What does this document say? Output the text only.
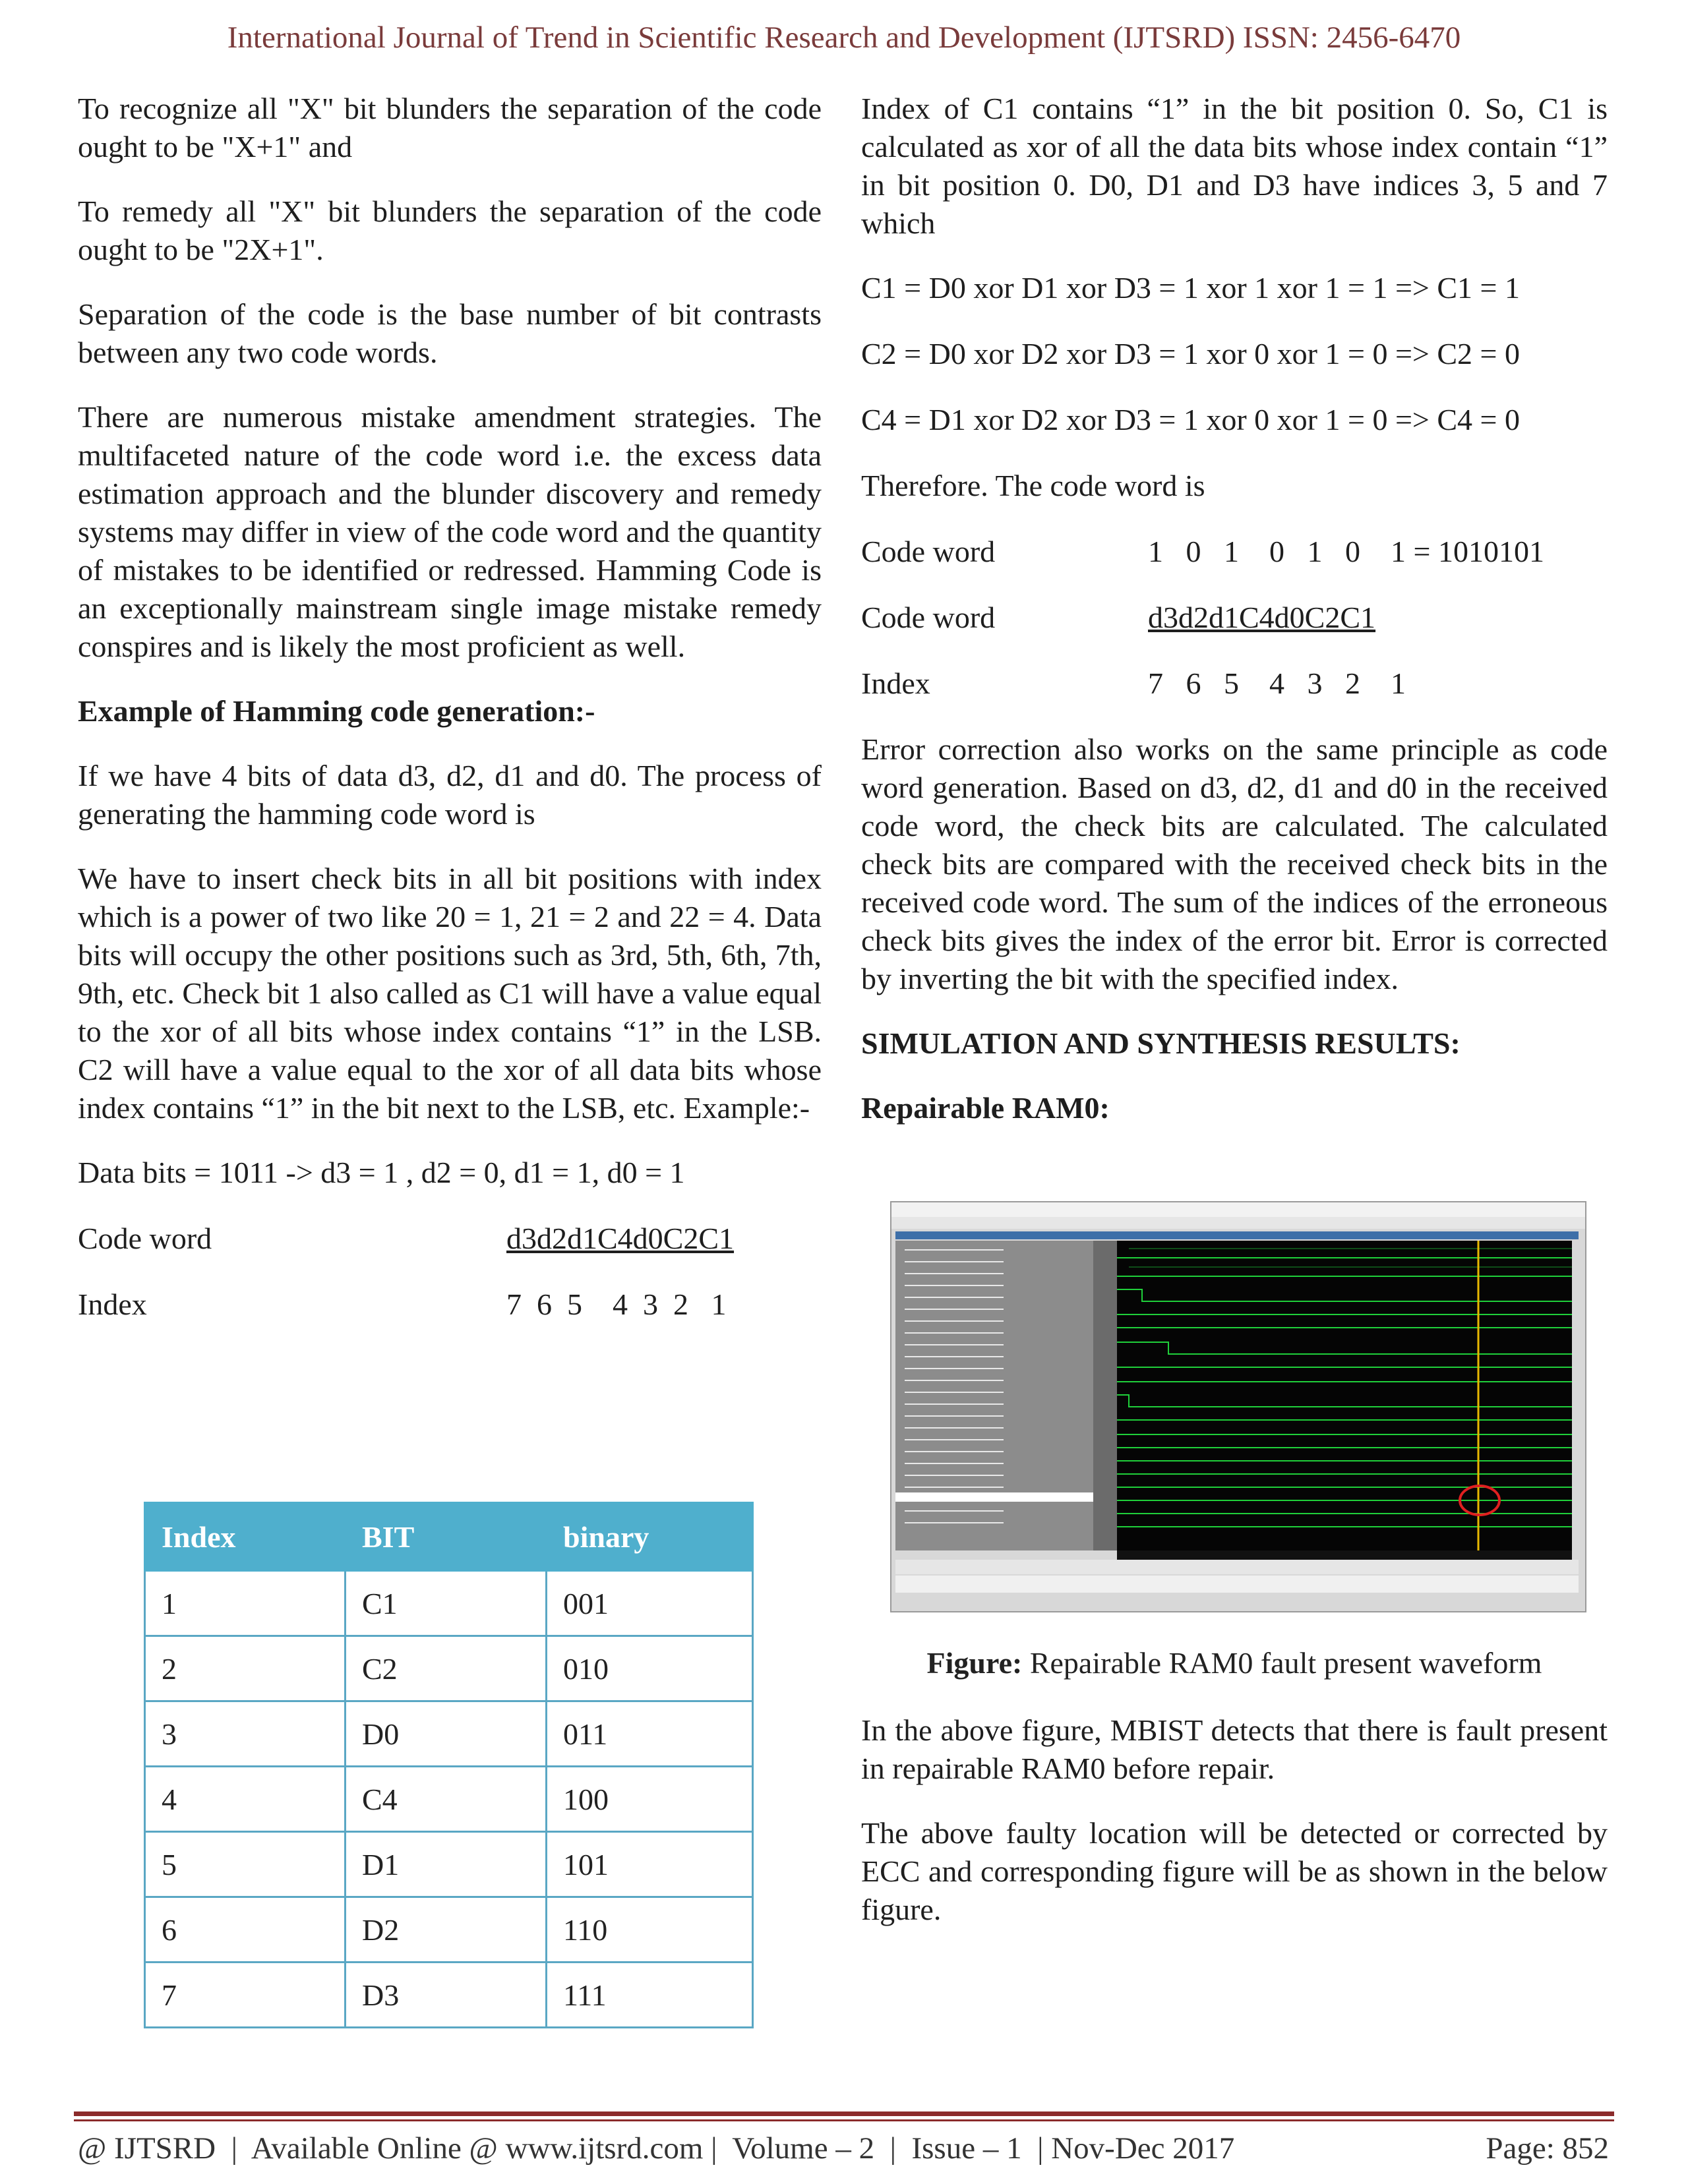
International Journal of Trend in Scientific Research and Development (IJTSRD) ISSN: 2456-6470

To recognize all "X" bit blunders the separation of the code ought to be "X+1" and

To remedy all "X" bit blunders the separation of the code ought to be "2X+1".

Separation of the code is the base number of bit contrasts between any two code words.

There are numerous mistake amendment strategies. The multifaceted nature of the code word i.e. the excess data estimation approach and the blunder discovery and remedy systems may differ in view of the code word and the quantity of mistakes to be identified or redressed. Hamming Code is an exceptionally mainstream single image mistake remedy conspires and is likely the most proficient as well.

Example of Hamming code generation:-

If we have 4 bits of data d3, d2, d1 and d0. The process of generating the hamming code word is

We have to insert check bits in all bit positions with index which is a power of two like 20 = 1, 21 = 2 and 22 = 4. Data bits will occupy the other positions such as 3rd, 5th, 6th, 7th, 9th, etc. Check bit 1 also called as C1 will have a value equal to the xor of all bits whose index contains “1” in the LSB. C2 will have a value equal to the xor of all data bits whose index contains “1” in the bit next to the LSB, etc. Example:-

Data bits = 1011 -> d3 = 1 , d2 = 0, d1 = 1, d0 = 1
Code word	d3d2d1C4d0C2C1
Index	7  6  5    4  3  2   1
Index	BIT	binary
1	C1	001
2	C2	010
3	D0	011
4	C4	100
5	D1	101
6	D2	110
7	D3	111

Index of C1 contains “1” in the bit position 0. So, C1 is calculated as xor of all the data bits whose index contain “1” in bit position 0. D0, D1 and D3 have indices 3, 5 and 7 which

C1 = D0 xor D1 xor D3 = 1 xor 1 xor 1 = 1 => C1 = 1
C2 = D0 xor D2 xor D3 = 1 xor 0 xor 1 = 0 => C2 = 0
C4 = D1 xor D2 xor D3 = 1 xor 0 xor 1 = 0 => C4 = 0
Therefore. The code word is
Code word	1   0   1    0   1   0    1 = 1010101
Code word	d3d2d1C4d0C2C1
Index	7   6   5    4   3   2    1

Error correction also works on the same principle as code word generation. Based on d3, d2, d1 and d0 in the received code word, the check bits are calculated. The calculated check bits are compared with the received check bits in the received code word. The sum of the indices of the erroneous check bits gives the index of the error bit. Error is corrected by inverting the bit with the specified index.

SIMULATION AND SYNTHESIS RESULTS:
Repairable RAM0:
Figure: Repairable RAM0 fault present waveform

In the above figure, MBIST detects that there is fault present in repairable RAM0 before repair.

The above faulty location will be detected or corrected by ECC and corresponding figure will be as shown in the below figure.

@ IJTSRD  |  Available Online @ www.ijtsrd.com |  Volume – 2  |  Issue – 1  | Nov-Dec 2017	Page: 852
